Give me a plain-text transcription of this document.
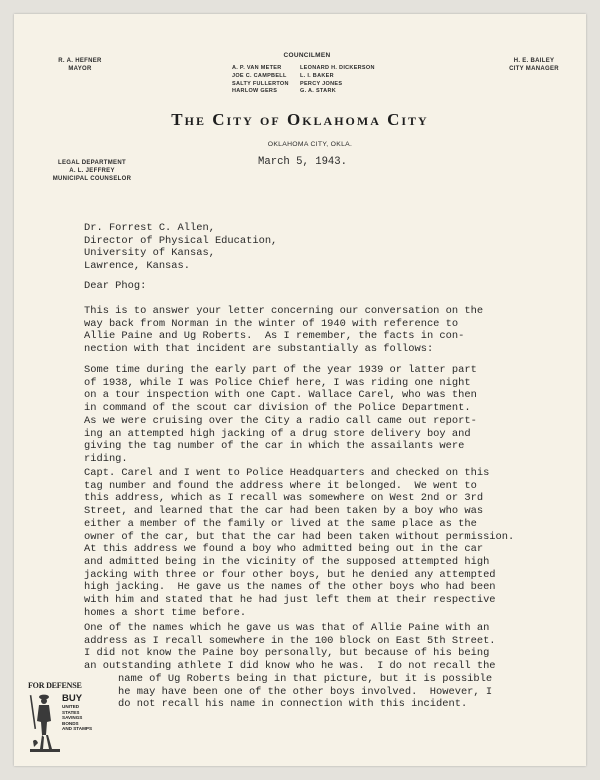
R. A. HEFNER
MAYOR
COUNCILMEN
A. P. VAN METER	LEONARD H. DICKERSON
JOE C. CAMPBELL	L. I. BAKER
SALTY FULLERTON	PERCY JONES
HARLOW GERS	G. A. STARK
H. E. BAILEY
CITY MANAGER
The City of Oklahoma City
OKLAHOMA CITY, OKLA.
March 5, 1943.
LEGAL DEPARTMENT
A. L. JEFFREY
MUNICIPAL COUNSELOR
Dr. Forrest C. Allen,
Director of Physical Education,
University of Kansas,
Lawrence, Kansas.
Dear Phog:
This is to answer your letter concerning our conversation on the
way back from Norman in the winter of 1940 with reference to
Allie Paine and Ug Roberts.  As I remember, the facts in con-
nection with that incident are substantially as follows:
Some time during the early part of the year 1939 or latter part
of 1938, while I was Police Chief here, I was riding one night
on a tour inspection with one Capt. Wallace Carel, who was then
in command of the scout car division of the Police Department.
As we were cruising over the City a radio call came out report-
ing an attempted high jacking of a drug store delivery boy and
giving the tag number of the car in which the assailants were
riding.
Capt. Carel and I went to Police Headquarters and checked on this
tag number and found the address where it belonged.  We went to
this address, which as I recall was somewhere on West 2nd or 3rd
Street, and learned that the car had been taken by a boy who was
either a member of the family or lived at the same place as the
owner of the car, but that the car had been taken without permission.
At this address we found a boy who admitted being out in the car
and admitted being in the vicinity of the supposed attempted high
jacking with three or four other boys, but he denied any attempted
high jacking.  He gave us the names of the other boys who had been
with him and stated that he had just left them at their respective
homes a short time before.
One of the names which he gave us was that of Allie Paine with an
address as I recall somewhere in the 100 block on East 5th Street.
I did not know the Paine boy personally, but because of his being
an outstanding athlete I did know who he was.  I do not recall the
name of Ug Roberts being in that picture, but it is possible
he may have been one of the other boys involved.  However, I
do not recall his name in connection with this incident.
FOR DEFENSE
BUY
UNITED
STATES
SAVINGS
BONDS
AND STAMPS
